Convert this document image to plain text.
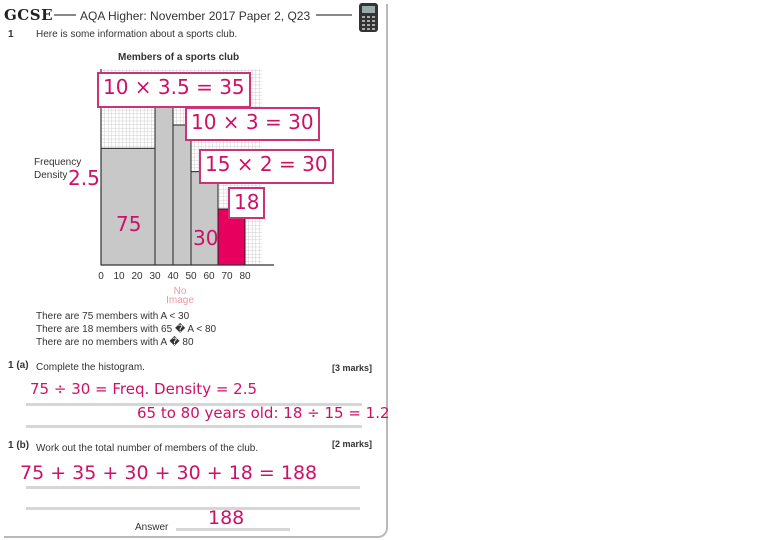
GCSE AQA Higher: November 2017 Paper 2, Q23
1 Here is some information about a sports club.
Members of a sports club
Frequency
Density
0 10 20 30 40 50 60 70 80
10 × 3.5 = 35
10 × 3 = 30
15 × 2 = 30
18
2.5
75
30
No
Image
There are 75 members with A < 30
There are 18 members with 65 � A < 80
There are no members with A � 80
1 (a) Complete the histogram.	[3 marks]
75 ÷ 30 = Freq. Density = 2.5
65 to 80 years old: 18 ÷ 15 = 1.2
1 (b) Work out the total number of members of the club.	[2 marks]
75 + 35 + 30 + 30 + 18 = 188
Answer 188
